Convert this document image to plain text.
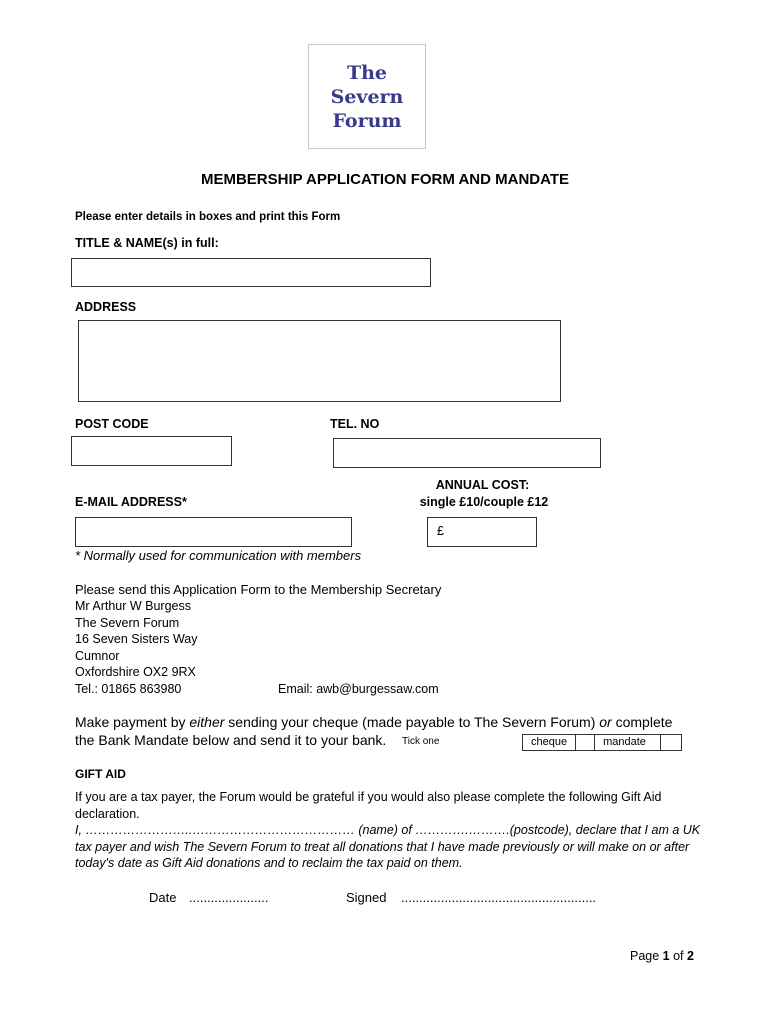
The
Severn
Forum
MEMBERSHIP APPLICATION FORM AND MANDATE
Please enter details in boxes and print this Form
TITLE & NAME(s) in full:
ADDRESS
POST CODE	TEL. NO
ANNUAL COST:
single £10/couple £12
£
E-MAIL ADDRESS*
* Normally used for communication with members
Please send this Application Form to the Membership Secretary
Mr Arthur W Burgess
The Severn Forum
16 Seven Sisters Way
Cumnor
Oxfordshire OX2 9RX
Tel.: 01865 863980	Email: awb@burgessaw.com
Make payment by either sending your cheque (made payable to The Severn Forum) or complete
the Bank Mandate below and send it to your bank. Tick one	cheque	mandate
GIFT AID
If you are a tax payer, the Forum would be grateful if you would also please complete the following Gift Aid declaration.
I, ……………………..………………………………… (name) of ………….……….(postcode), declare that I am a UK tax payer and wish The Severn Forum to treat all donations that I have made previously or will make on or after today's date as Gift Aid donations and to reclaim the tax paid on them.
Date ......................	Signed ......................................................
Page 1 of 2
